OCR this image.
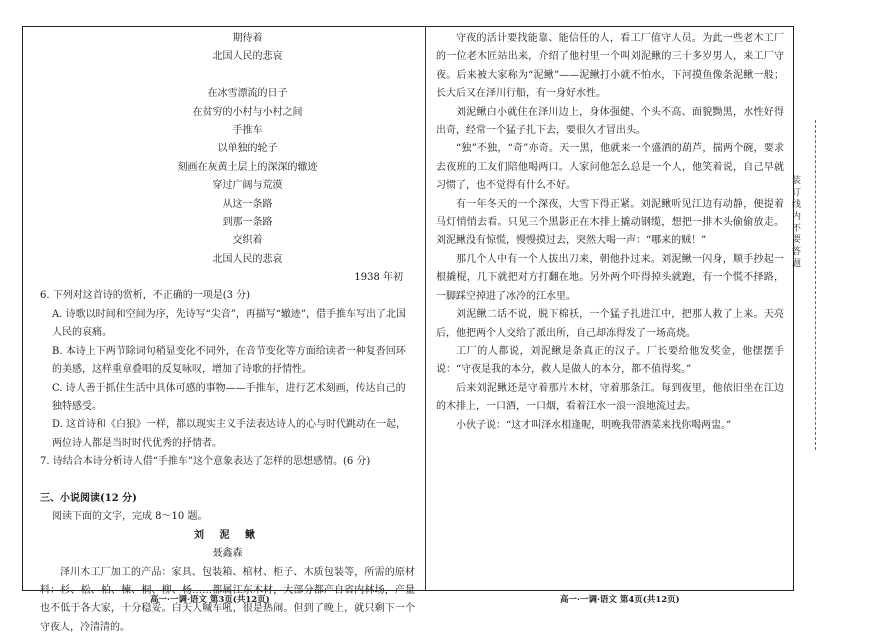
期待着

北国人民的悲哀

在冰雪漂流的日子

在贫穷的小村与小村之间

手推车

以单独的轮子

刻画在灰黄土层上的深深的辙迹

穿过广阔与荒漠

从这一条路

到那一条路

交织着

北国人民的悲哀

1938 年初

6. 下列对这首诗的赏析，不正确的一项是(3 分)

A. 诗歌以时间和空间为序，先诗写“尖音”，再描写“辙迹”，借手推车写出了北国人民的哀痛。

B. 本诗上下两节除词句稍显变化不同外，在音节变化等方面给读者一种复沓回环的美感，这样重章叠唱的反复咏叹，增加了诗歌的抒情性。

C. 诗人善于抓住生活中具体可感的事物——手推车，进行艺术刻画，传达自己的独特感受。

D. 这首诗和《白狼》一样，都以现实主义手法表达诗人的心与时代跳动在一起，两位诗人都是当时时代优秀的抒情者。

7. 诗结合本诗分析诗人借“手推车”这个意象表达了怎样的思想感情。(6 分)

三、小说阅读(12 分)

阅读下面的文字，完成 8～10 题。

刘 泥 鳅

聂鑫森

泽川木工厂加工的产品：家具、包装箱、棺材、柜子、木质包装等，所需的原材料：杉、松、柏、楝、桐、柳、杨……都属江东木材，大部分都产自省内林场，产量也不低于各大家，十分稳妥。白天人喊车吼，很是热闹。但到了晚上，就只剩下一个守夜人，冷清清的。

守夜的活计要找能靠、能信任的人，看工厂值守人员。为此一些老木工厂的一位老木匠站出来，介绍了他村里一个叫刘泥鳅的三十多岁男人，来工厂守夜。后来被大家称为“泥鳅”——泥鳅打小就不怕水，下河摸鱼像条泥鳅一般；长大后又在泽川行船，有一身好水性。

刘泥鳅白小就住在泽川边上，身体强健、个头不高、面貌黝黑，水性好得出奇，经常一个猛子扎下去，要很久才冒出头。

“独”不独，“奇”亦奇。天一黑，他就来一个盛酒的葫芦，揣两个碗，要求去夜班的工友们陪他喝两口。人家问他怎么总是一个人，他笑着说，自己早就习惯了，也不觉得有什么不好。

有一年冬天的一个深夜，大雪下得正紧。刘泥鳅听见江边有动静，便提着马灯悄悄去看。只见三个黑影正在木排上撬动钢缆，想把一排木头偷偷放走。刘泥鳅没有惊慌，慢慢摸过去，突然大喝一声：“哪来的贼！”

那几个人中有一个人拔出刀来，朝他扑过来。刘泥鳅一闪身，顺手抄起一根撬棍，几下就把对方打翻在地。另外两个吓得掉头就跑，有一个慌不择路，一脚踩空掉进了冰冷的江水里。

刘泥鳅二话不说，脱下棉袄，一个猛子扎进江中，把那人救了上来。天亮后，他把两个人交给了派出所，自己却冻得发了一场高烧。

工厂的人都说，刘泥鳅是条真正的汉子。厂长要给他发奖金，他摆摆手说：“守夜是我的本分，救人是做人的本分，都不值得奖。”

后来刘泥鳅还是守着那片木材，守着那条江。每到夜里，他依旧坐在江边的木排上，一口酒，一口烟，看着江水一浪一浪地流过去。

小伙子说：“这才叫泽水相逢呢，明晚我带酒菜来找你喝两盅。”

高一·一调·语文 第3页(共12页)	高一·一调·语文 第4页(共12页)
装 订 线 内 不 要 答 题
